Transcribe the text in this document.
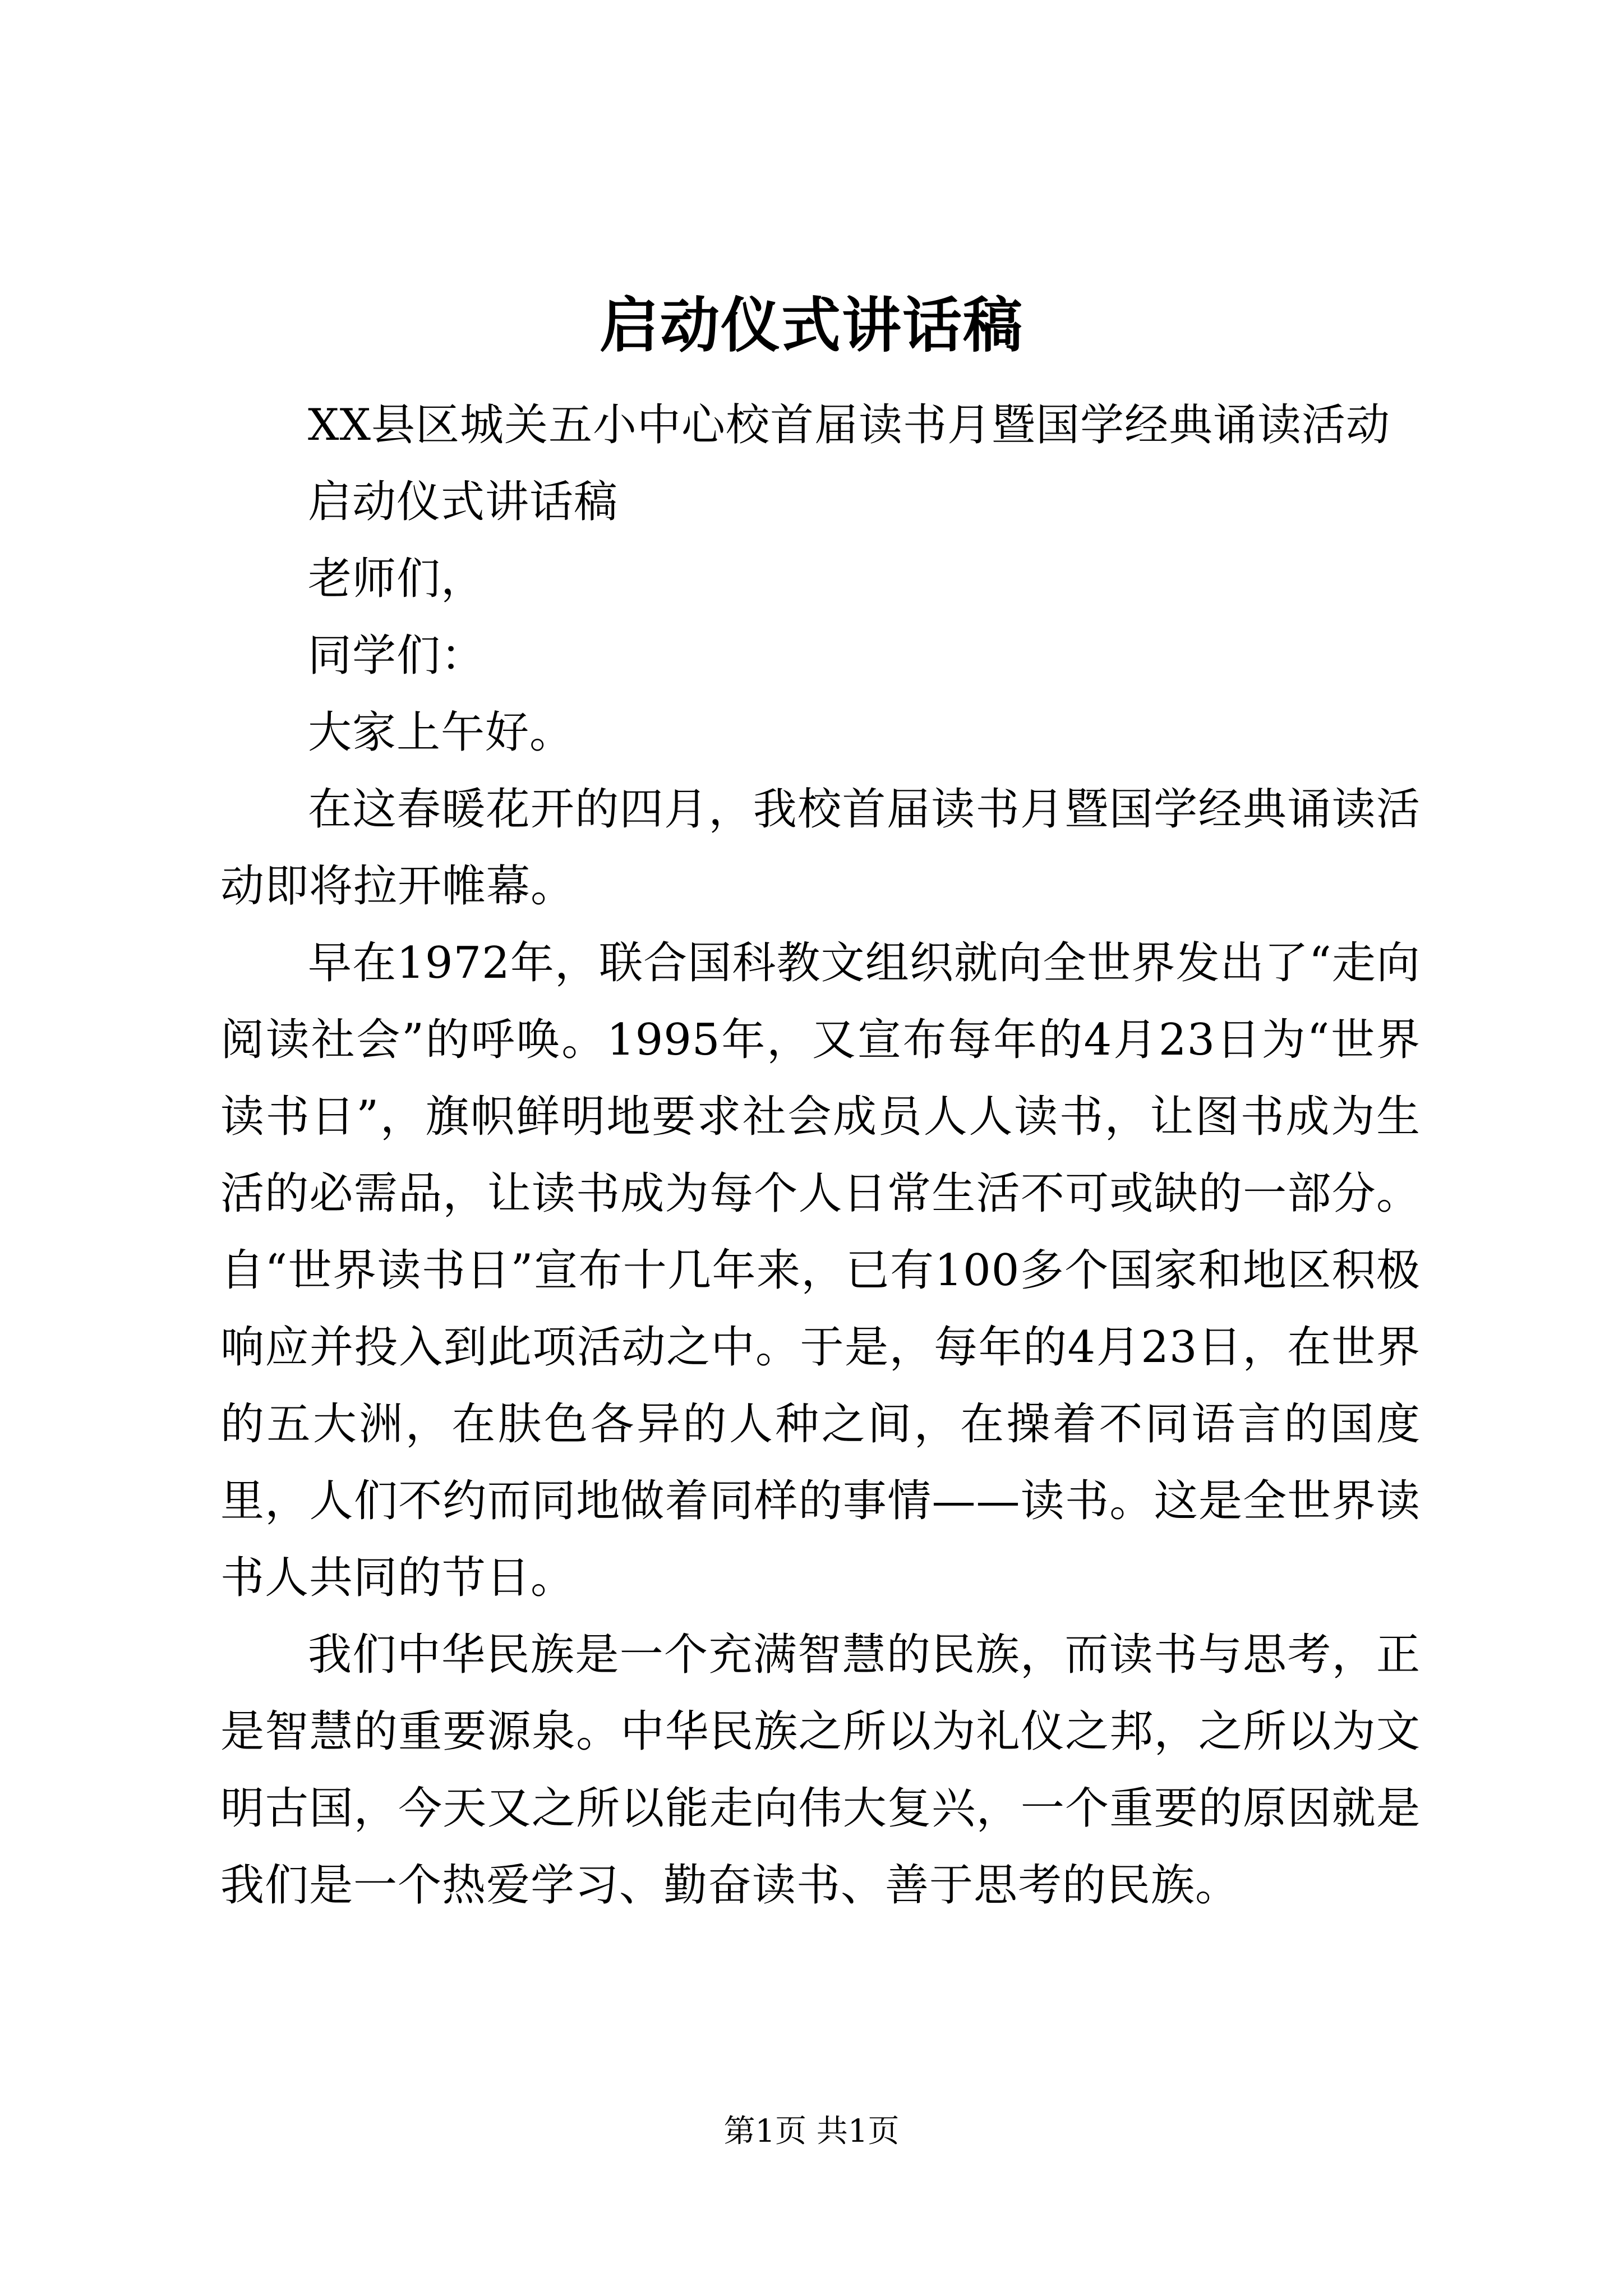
启动仪式讲话稿

XX县区城关五小中心校首届读书月暨国学经典诵读活动

启动仪式讲话稿

老师们，

同学们：

大家上午好。

在这春暖花开的四月，我校首届读书月暨国学经典诵读活动即将拉开帷幕。

早在1972年，联合国科教文组织就向全世界发出了“走向阅读社会”的呼唤。1995年，又宣布每年的4月23日为“世界读书日”，旗帜鲜明地要求社会成员人人读书，让图书成为生活的必需品，让读书成为每个人日常生活不可或缺的一部分。自“世界读书日”宣布十几年来，已有100多个国家和地区积极响应并投入到此项活动之中。于是，每年的4月23日，在世界的五大洲，在肤色各异的人种之间，在操着不同语言的国度里，人们不约而同地做着同样的事情——读书。这是全世界读书人共同的节日。

我们中华民族是一个充满智慧的民族，而读书与思考，正是智慧的重要源泉。中华民族之所以为礼仪之邦，之所以为文明古国，今天又之所以能走向伟大复兴，一个重要的原因就是我们是一个热爱学习、勤奋读书、善于思考的民族。

第1页 共1页
